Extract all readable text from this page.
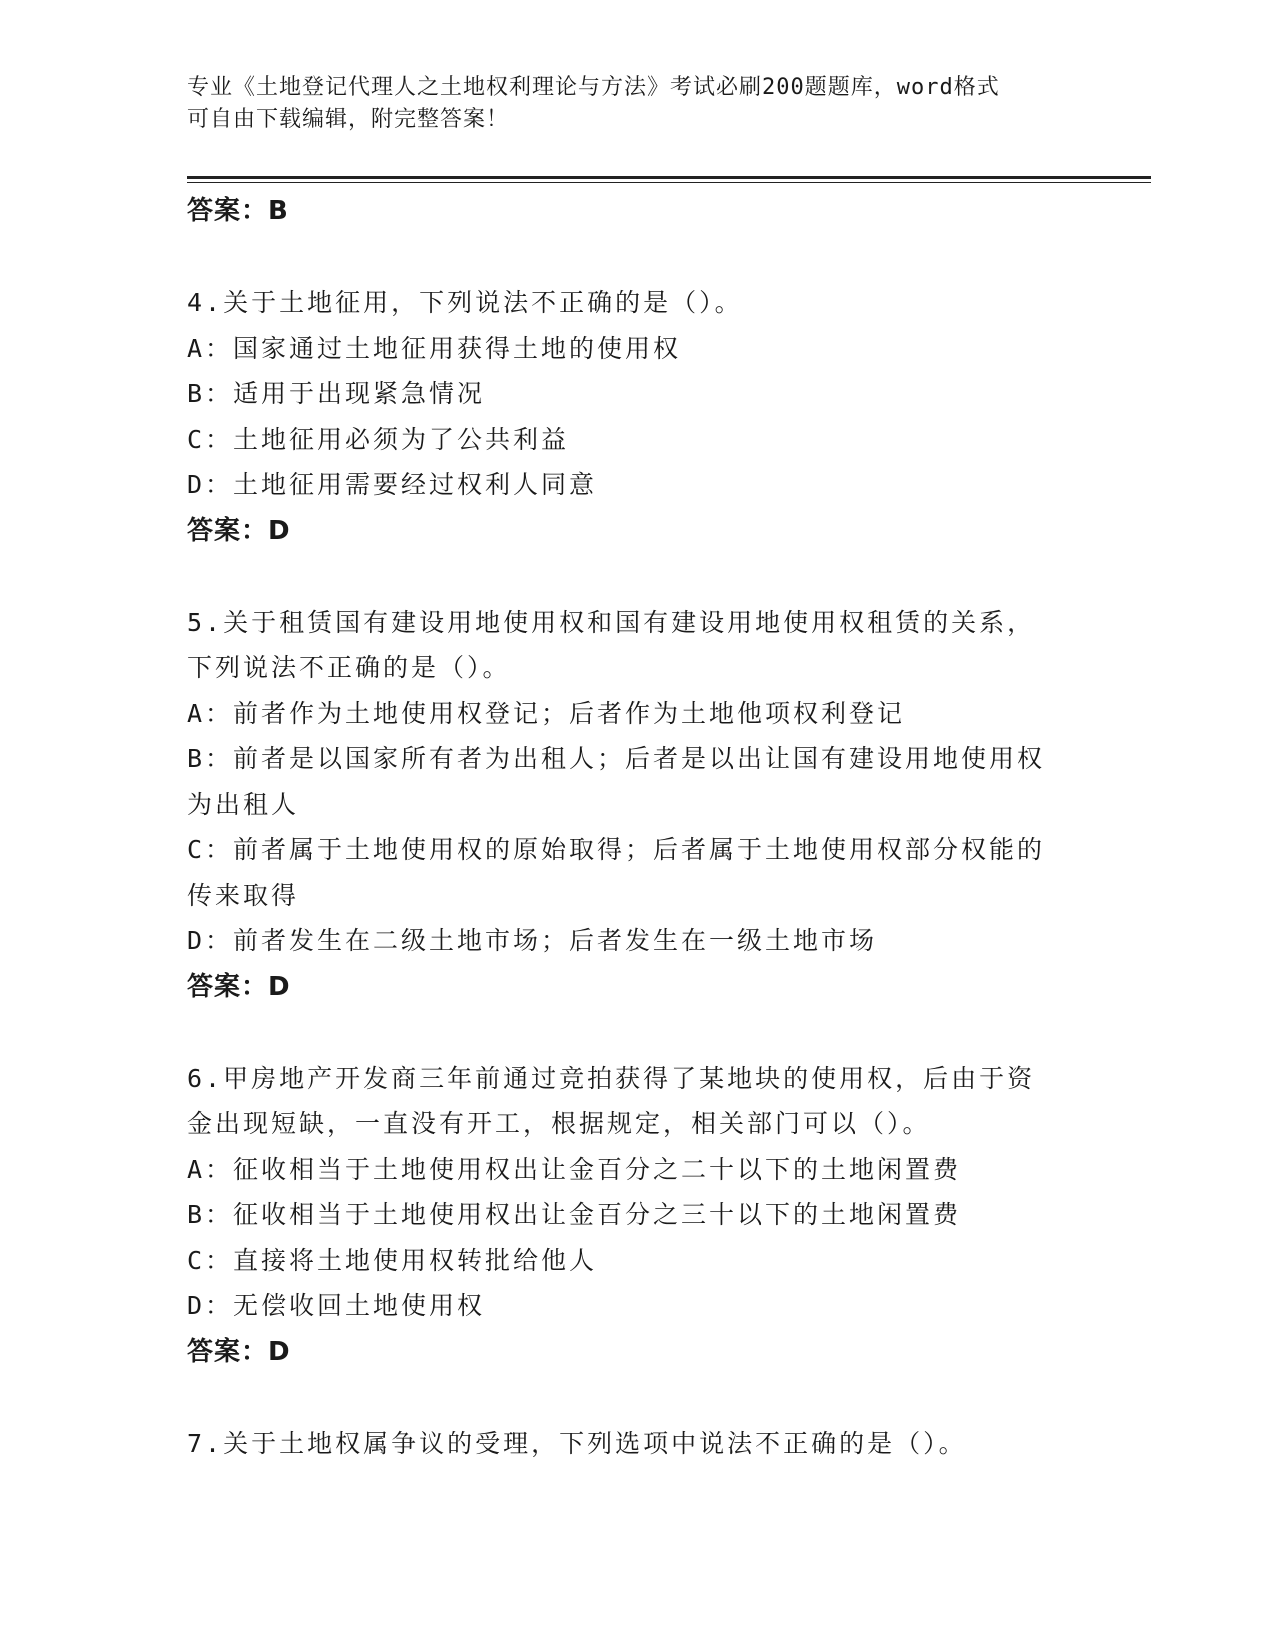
专业《土地登记代理人之土地权利理论与方法》考试必刷200题题库，word格式
可自由下载编辑，附完整答案！
答案：B
4.关于土地征用，下列说法不正确的是（）。
A：国家通过土地征用获得土地的使用权
B：适用于出现紧急情况
C：土地征用必须为了公共利益
D：土地征用需要经过权利人同意
答案：D
5.关于租赁国有建设用地使用权和国有建设用地使用权租赁的关系，
下列说法不正确的是（）。
A：前者作为土地使用权登记；后者作为土地他项权利登记
B：前者是以国家所有者为出租人；后者是以出让国有建设用地使用权
为出租人
C：前者属于土地使用权的原始取得；后者属于土地使用权部分权能的
传来取得
D：前者发生在二级土地市场；后者发生在一级土地市场
答案：D
6.甲房地产开发商三年前通过竞拍获得了某地块的使用权，后由于资
金出现短缺，一直没有开工，根据规定，相关部门可以（）。
A：征收相当于土地使用权出让金百分之二十以下的土地闲置费
B：征收相当于土地使用权出让金百分之三十以下的土地闲置费
C：直接将土地使用权转批给他人
D：无偿收回土地使用权
答案：D
7.关于土地权属争议的受理，下列选项中说法不正确的是（）。
